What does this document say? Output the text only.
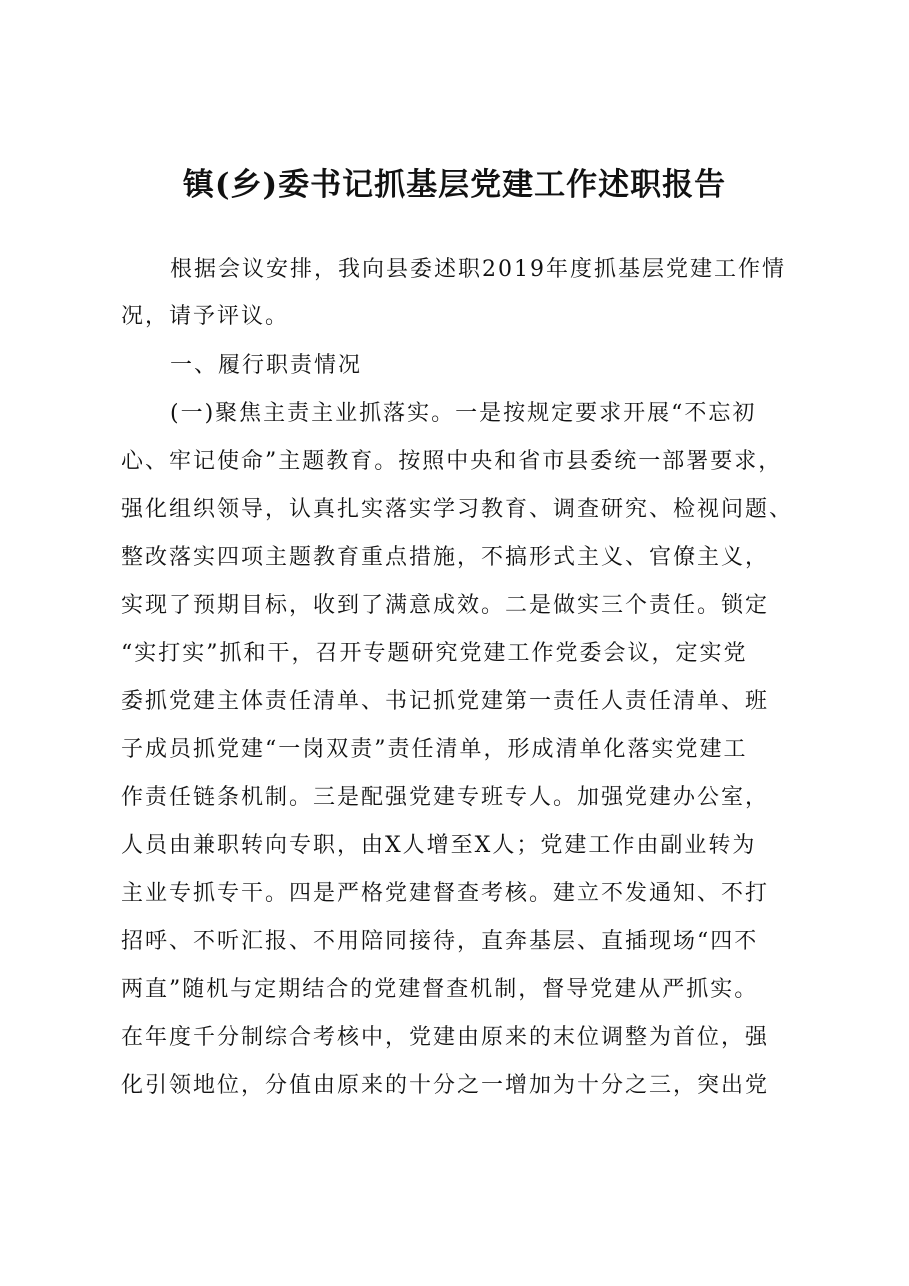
镇(乡)委书记抓基层党建工作述职报告
根据会议安排，我向县委述职2019年度抓基层党建工作情
况，请予评议。
一、履行职责情况
(一)聚焦主责主业抓落实。一是按规定要求开展“不忘初
心、牢记使命”主题教育。按照中央和省市县委统一部署要求，
强化组织领导，认真扎实落实学习教育、调查研究、检视问题、
整改落实四项主题教育重点措施，不搞形式主义、官僚主义，
实现了预期目标，收到了满意成效。二是做实三个责任。锁定
“实打实”抓和干，召开专题研究党建工作党委会议，定实党
委抓党建主体责任清单、书记抓党建第一责任人责任清单、班
子成员抓党建“一岗双责”责任清单，形成清单化落实党建工
作责任链条机制。三是配强党建专班专人。加强党建办公室，
人员由兼职转向专职，由X人增至X人；党建工作由副业转为
主业专抓专干。四是严格党建督查考核。建立不发通知、不打
招呼、不听汇报、不用陪同接待，直奔基层、直插现场“四不
两直”随机与定期结合的党建督查机制，督导党建从严抓实。
在年度千分制综合考核中，党建由原来的末位调整为首位，强
化引领地位，分值由原来的十分之一增加为十分之三，突出党
